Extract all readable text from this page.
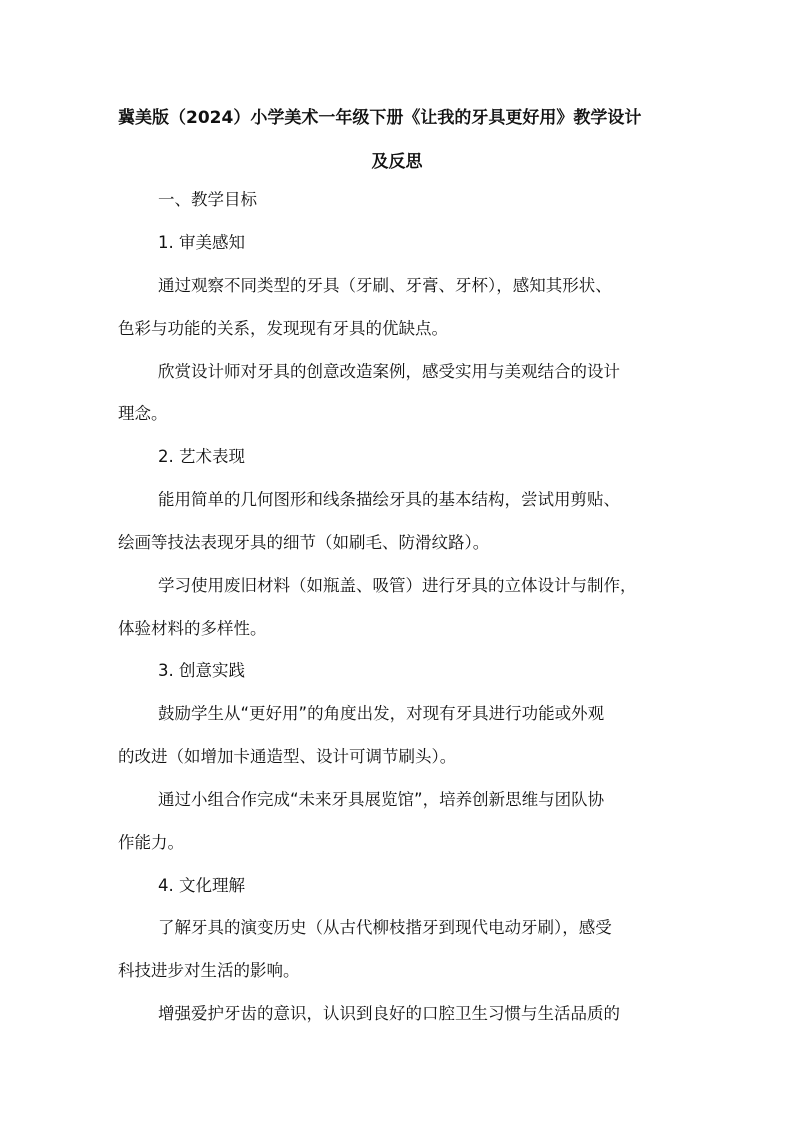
冀美版（2024）小学美术一年级下册《让我的牙具更好用》教学设计
及反思
一、教学目标
1. 审美感知
通过观察不同类型的牙具（牙刷、牙膏、牙杯），感知其形状、
色彩与功能的关系，发现现有牙具的优缺点。
欣赏设计师对牙具的创意改造案例，感受实用与美观结合的设计
理念。
2. 艺术表现
能用简单的几何图形和线条描绘牙具的基本结构，尝试用剪贴、
绘画等技法表现牙具的细节（如刷毛、防滑纹路）。
学习使用废旧材料（如瓶盖、吸管）进行牙具的立体设计与制作，
体验材料的多样性。
3. 创意实践
鼓励学生从“更好用”的角度出发，对现有牙具进行功能或外观
的改进（如增加卡通造型、设计可调节刷头）。
通过小组合作完成“未来牙具展览馆”，培养创新思维与团队协
作能力。
4. 文化理解
了解牙具的演变历史（从古代柳枝揩牙到现代电动牙刷），感受
科技进步对生活的影响。
增强爱护牙齿的意识，认识到良好的口腔卫生习惯与生活品质的
